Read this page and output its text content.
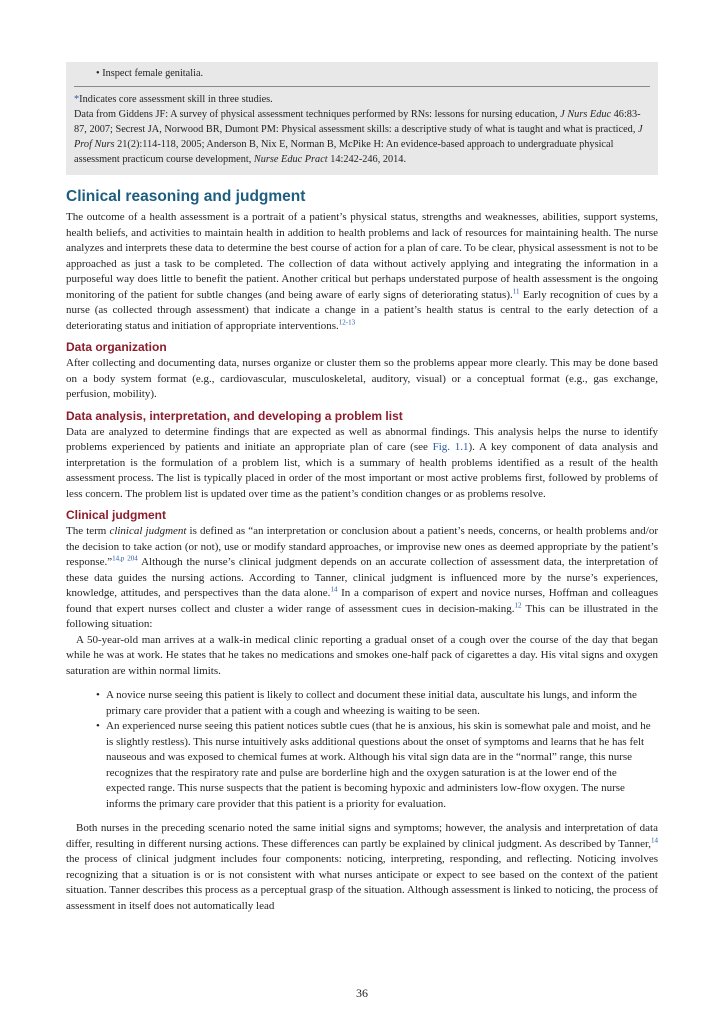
• Inspect female genitalia.
*Indicates core assessment skill in three studies.
Data from Giddens JF: A survey of physical assessment techniques performed by RNs: lessons for nursing education, J Nurs Educ 46:83-87, 2007; Secrest JA, Norwood BR, Dumont PM: Physical assessment skills: a descriptive study of what is taught and what is practiced, J Prof Nurs 21(2):114-118, 2005; Anderson B, Nix E, Norman B, McPike H: An evidence-based approach to undergraduate physical assessment practicum course development, Nurse Educ Pract 14:242-246, 2014.
Clinical reasoning and judgment

The outcome of a health assessment is a portrait of a patient’s physical status, strengths and weaknesses, abilities, support systems, health beliefs, and activities to maintain health in addition to health problems and lack of resources for maintaining health. The nurse analyzes and interprets these data to determine the best course of action for a plan of care. To be clear, physical assessment is not to be approached as just a task to be completed. The collection of data without actively applying and integrating the information in a purposeful way does little to benefit the patient. Another critical but perhaps understated purpose of health assessment is the ongoing monitoring of the patient for subtle changes (and being aware of early signs of deteriorating status).$^{11}$ Early recognition of cues by a nurse (as collected through assessment) that indicate a change in a patient’s health status is central to the early detection of a deteriorating status and initiation of appropriate interventions.$^{12-13}$

Data organization

After collecting and documenting data, nurses organize or cluster them so the problems appear more clearly. This may be done based on a body system format (e.g., cardiovascular, musculoskeletal, auditory, visual) or a conceptual format (e.g., gas exchange, perfusion, mobility).

Data analysis, interpretation, and developing a problem list

Data are analyzed to determine findings that are expected as well as abnormal findings. This analysis helps the nurse to identify problems experienced by patients and initiate an appropriate plan of care (see Fig. 1.1). A key component of data analysis and interpretation is the formulation of a problem list, which is a summary of health problems identified as a result of the health assessment process. The list is typically placed in order of the most important or most active problems first, followed by problems of less concern. The problem list is updated over time as the patient’s condition changes or as problems resolve.

Clinical judgment

The term clinical judgment is defined as “an interpretation or conclusion about a patient’s needs, concerns, or health problems and/or the decision to take action (or not), use or modify standard approaches, or improvise new ones as deemed appropriate by the patient’s response.”$^{14,p 204}$ Although the nurse’s clinical judgment depends on an accurate collection of assessment data, the interpretation of these data guides the nursing actions. According to Tanner, clinical judgment is influenced more by the nurse’s experiences, knowledge, attitudes, and perspectives than the data alone.$^{14}$ In a comparison of expert and novice nurses, Hoffman and colleagues found that expert nurses collect and cluster a wider range of assessment cues in decision-making.$^{12}$ This can be illustrated in the following situation:

A 50-year-old man arrives at a walk-in medical clinic reporting a gradual onset of a cough over the course of the day that began while he was at work. He states that he takes no medications and smokes one-half pack of cigarettes a day. His vital signs and oxygen saturation are within normal limits.

• A novice nurse seeing this patient is likely to collect and document these initial data, auscultate his lungs, and inform the primary care provider that a patient with a cough and wheezing is waiting to be seen.
• An experienced nurse seeing this patient notices subtle cues (that he is anxious, his skin is somewhat pale and moist, and he is slightly restless). This nurse intuitively asks additional questions about the onset of symptoms and learns that he has felt nauseous and was exposed to chemical fumes at work. Although his vital sign data are in the “normal” range, this nurse recognizes that the respiratory rate and pulse are borderline high and the oxygen saturation is at the lower end of the expected range. This nurse suspects that the patient is becoming hypoxic and administers low-flow oxygen. The nurse informs the primary care provider that this patient is a priority for evaluation.

Both nurses in the preceding scenario noted the same initial signs and symptoms; however, the analysis and interpretation of data differ, resulting in different nursing actions. These differences can partly be explained by clinical judgment. As described by Tanner,$^{14}$ the process of clinical judgment includes four components: noticing, interpreting, responding, and reflecting. Noticing involves recognizing that a situation is or is not consistent with what nurses anticipate or expect to see based on the context of the patient situation. Tanner describes this process as a perceptual grasp of the situation. Although assessment is linked to noticing, the process of assessment in itself does not automatically lead

36
